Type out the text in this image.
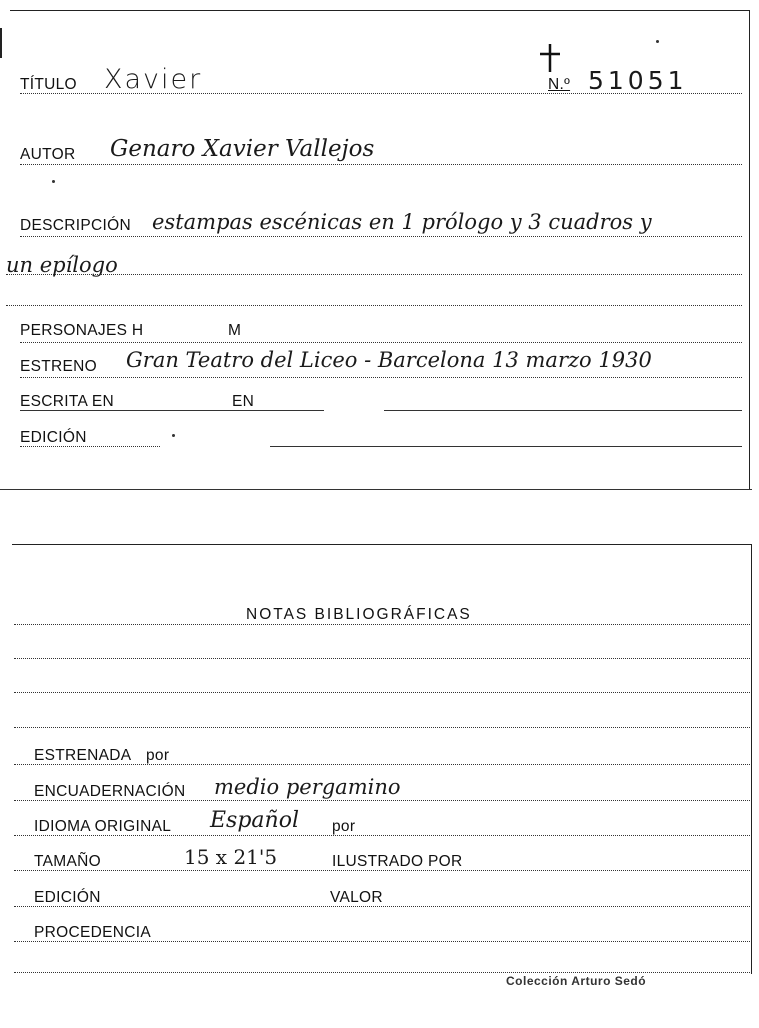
TÍTULO Xavier	N.º 51051
AUTOR Genaro Xavier Vallejos
DESCRIPCIÓN estampas escénicas en 1 prólogo y 3 cuadros y
un epílogo
PERSONAJES H	M
ESTRENO Gran Teatro del Liceo - Barcelona 13 marzo 1930
ESCRITA EN	EN
EDICIÓN
NOTAS BIBLIOGRÁFICAS
ESTRENADA por
ENCUADERNACIÓN medio pergamino
IDIOMA ORIGINAL Español por
TAMAÑO	15 x 21'5	ILUSTRADO POR
EDICIÓN	VALOR
PROCEDENCIA
Colección Arturo Sedó
